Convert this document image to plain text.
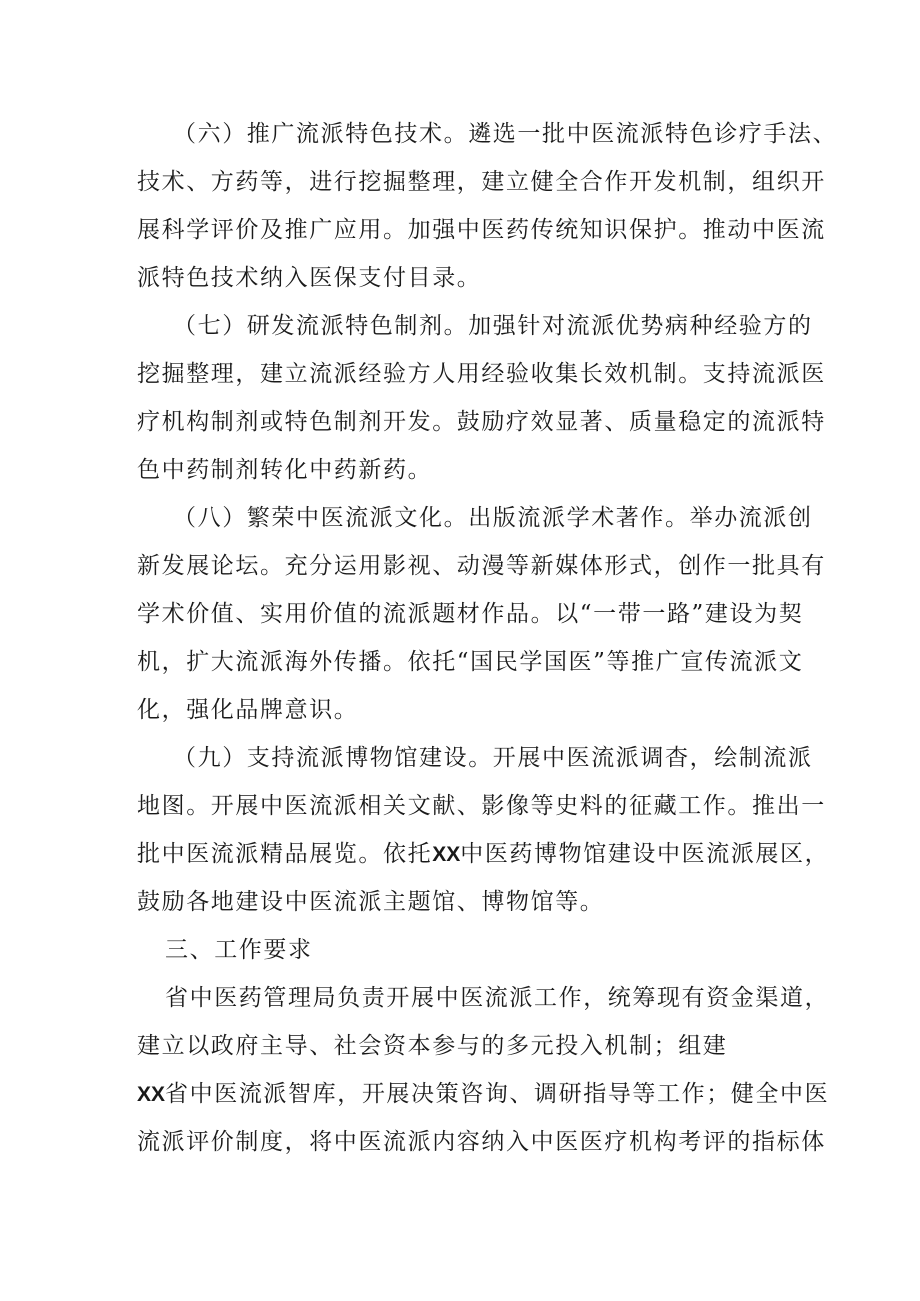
（六）推广流派特色技术。遴选一批中医流派特色诊疗手法、
技术、方药等，进行挖掘整理，建立健全合作开发机制，组织开
展科学评价及推广应用。加强中医药传统知识保护。推动中医流
派特色技术纳入医保支付目录。
（七）研发流派特色制剂。加强针对流派优势病种经验方的
挖掘整理，建立流派经验方人用经验收集长效机制。支持流派医
疗机构制剂或特色制剂开发。鼓励疗效显著、质量稳定的流派特
色中药制剂转化中药新药。
（八）繁荣中医流派文化。出版流派学术著作。举办流派创
新发展论坛。充分运用影视、动漫等新媒体形式，创作一批具有
学术价值、实用价值的流派题材作品。以“一带一路”建设为契
机，扩大流派海外传播。依托“国民学国医”等推广宣传流派文
化，强化品牌意识。
（九）支持流派博物馆建设。开展中医流派调杳，绘制流派
地图。开展中医流派相关文献、影像等史料的征藏工作。推出一
批中医流派精品展览。依托XX中医药博物馆建设中医流派展区，
鼓励各地建设中医流派主题馆、博物馆等。
三、工作要求
省中医药管理局负责开展中医流派工作，统筹现有资金渠道，
建立以政府主导、社会资本参与的多元投入机制；组建
XX省中医流派智库，开展决策咨询、调研指导等工作；健全中医
流派评价制度，将中医流派内容纳入中医医疗机构考评的指标体
